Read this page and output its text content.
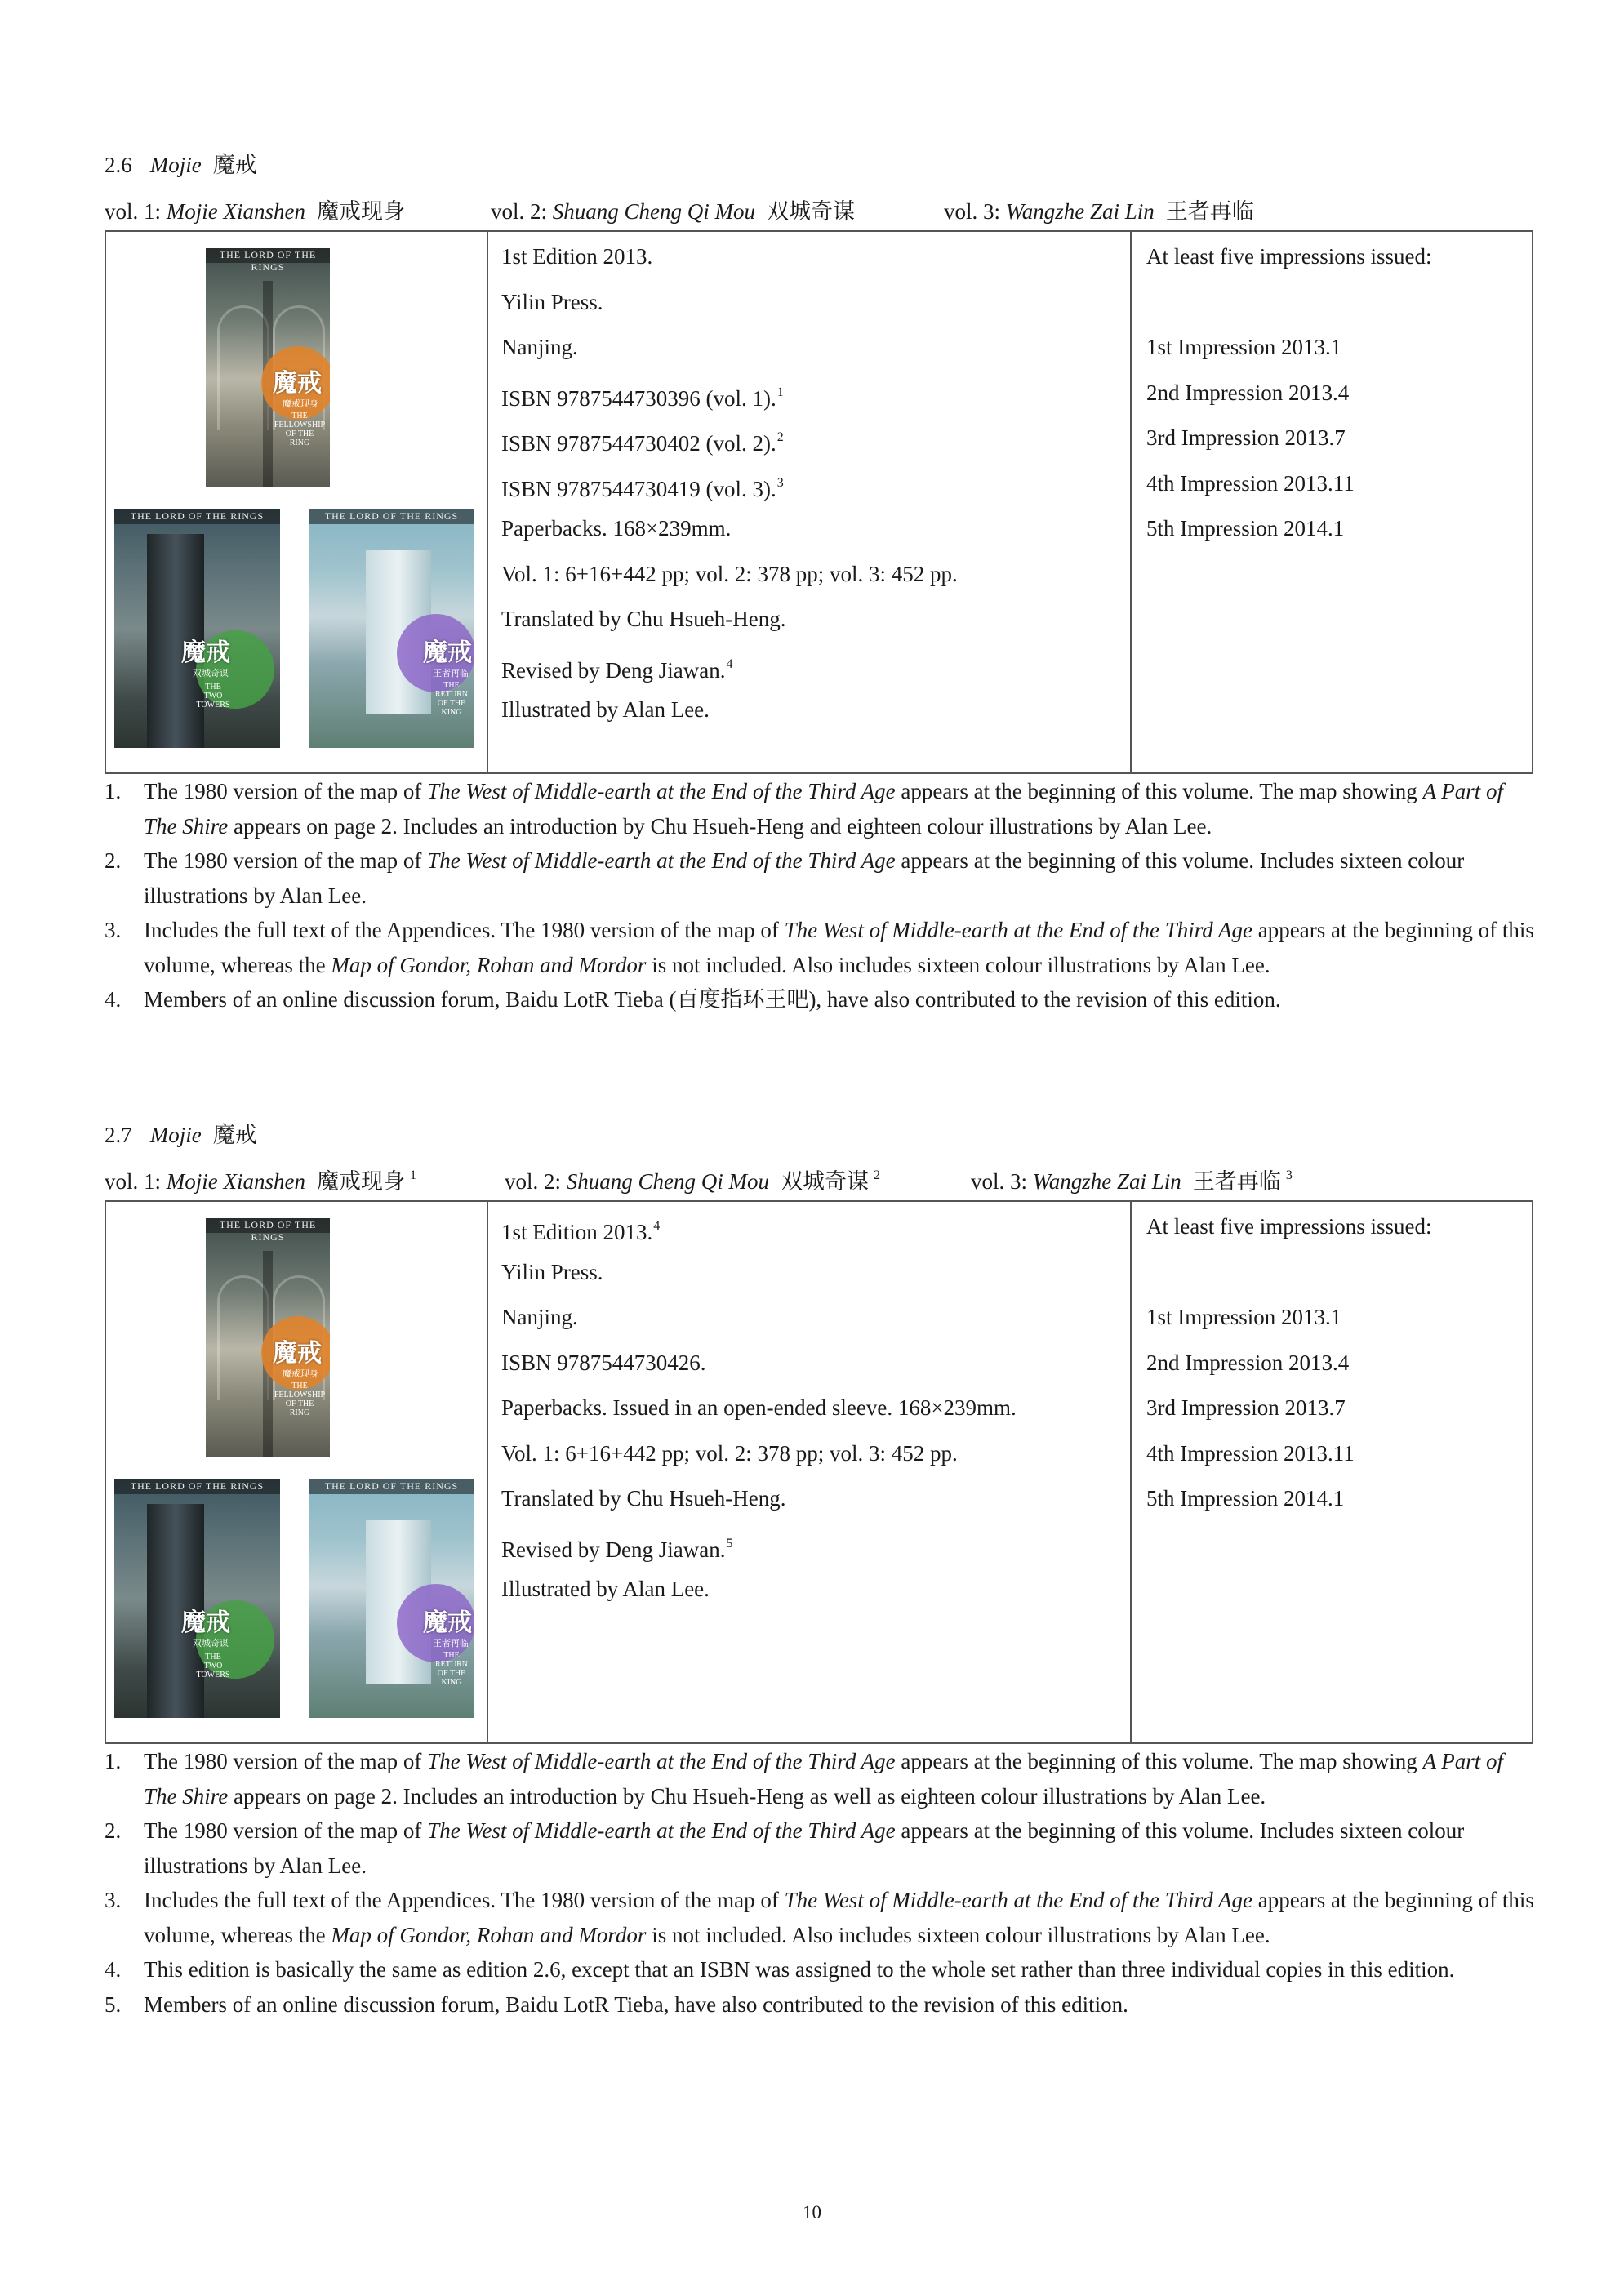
2.6 Mojie 魔戒
vol. 1: Mojie Xianshen 魔戒现身	vol. 2: Shuang Cheng Qi Mou 双城奇谋	vol. 3: Wangzhe Zai Lin 王者再临
THE LORD OF THE RINGS
魔戒
魔戒现身
THE
FELLOWSHIP
OF THE
RING
THE LORD OF THE RINGS
魔戒
双城奇谋
THE
TWO
TOWERS
THE LORD OF THE RINGS
魔戒
王者再临
THE
RETURN
OF THE
KING
1st Edition 2013.
Yilin Press.
Nanjing.
ISBN 9787544730396 (vol. 1).$^1$
ISBN 9787544730402 (vol. 2).$^2$
ISBN 9787544730419 (vol. 3).$^3$
Paperbacks. 168×239mm.
Vol. 1: 6+16+442 pp; vol. 2: 378 pp; vol. 3: 452 pp.
Translated by Chu Hsueh-Heng.
Revised by Deng Jiawan.$^4$
Illustrated by Alan Lee.
At least five impressions issued:
1st Impression 2013.1
2nd Impression 2013.4
3rd Impression 2013.7
4th Impression 2013.11
5th Impression 2014.1
1. The 1980 version of the map of The West of Middle-earth at the End of the Third Age appears at the beginning of this volume. The map showing A Part of The Shire appears on page 2. Includes an introduction by Chu Hsueh-Heng and eighteen colour illustrations by Alan Lee.
2. The 1980 version of the map of The West of Middle-earth at the End of the Third Age appears at the beginning of this volume. Includes sixteen colour illustrations by Alan Lee.
3. Includes the full text of the Appendices. The 1980 version of the map of The West of Middle-earth at the End of the Third Age appears at the beginning of this volume, whereas the Map of Gondor, Rohan and Mordor is not included. Also includes sixteen colour illustrations by Alan Lee.
4. Members of an online discussion forum, Baidu LotR Tieba (百度指环王吧), have also contributed to the revision of this edition.
2.7 Mojie 魔戒
vol. 1: Mojie Xianshen 魔戒现身 $^1$	vol. 2: Shuang Cheng Qi Mou 双城奇谋 $^2$	vol. 3: Wangzhe Zai Lin 王者再临 $^3$
THE LORD OF THE RINGS
魔戒
魔戒现身
THE
FELLOWSHIP
OF THE
RING
THE LORD OF THE RINGS
魔戒
双城奇谋
THE
TWO
TOWERS
THE LORD OF THE RINGS
魔戒
王者再临
THE
RETURN
OF THE
KING
1st Edition 2013.$^4$
Yilin Press.
Nanjing.
ISBN 9787544730426.
Paperbacks. Issued in an open-ended sleeve. 168×239mm.
Vol. 1: 6+16+442 pp; vol. 2: 378 pp; vol. 3: 452 pp.
Translated by Chu Hsueh-Heng.
Revised by Deng Jiawan.$^5$
Illustrated by Alan Lee.
At least five impressions issued:
1st Impression 2013.1
2nd Impression 2013.4
3rd Impression 2013.7
4th Impression 2013.11
5th Impression 2014.1
1. The 1980 version of the map of The West of Middle-earth at the End of the Third Age appears at the beginning of this volume. The map showing A Part of The Shire appears on page 2. Includes an introduction by Chu Hsueh-Heng as well as eighteen colour illustrations by Alan Lee.
2. The 1980 version of the map of The West of Middle-earth at the End of the Third Age appears at the beginning of this volume. Includes sixteen colour illustrations by Alan Lee.
3. Includes the full text of the Appendices. The 1980 version of the map of The West of Middle-earth at the End of the Third Age appears at the beginning of this volume, whereas the Map of Gondor, Rohan and Mordor is not included. Also includes sixteen colour illustrations by Alan Lee.
4. This edition is basically the same as edition 2.6, except that an ISBN was assigned to the whole set rather than three individual copies in this edition.
5. Members of an online discussion forum, Baidu LotR Tieba, have also contributed to the revision of this edition.
10
